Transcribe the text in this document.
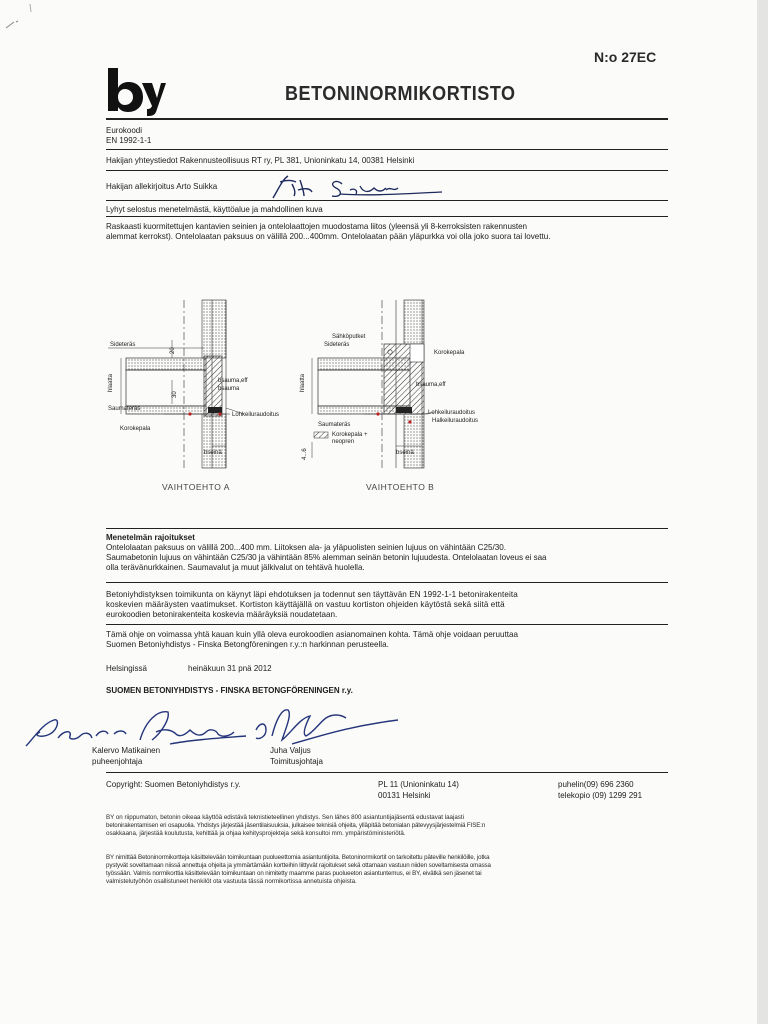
N:o 27EC
BETONINORMIKORTISTO
Eurokoodi
EN 1992-1-1
Hakijan yhteystiedot Rakennusteollisuus RT ry, PL 381, Unioninkatu 14, 00381 Helsinki
Hakijan allekirjoitus Arto Suikka
Lyhyt selostus menetelmästä, käyttöalue ja mahdollinen kuva
Raskaasti kuormitettujen kantavien seinien ja ontelolaattojen muodostama liitos (yleensä yli 8-kerroksisten rakennusten
alemmat kerrokst). Ontelolaatan paksuus on välillä 200...400mm. Ontelolaatan pään yläpurkka voi olla joko suora tai lovettu.
Sideteräs
Saumateräs
Korokepala
Lohkeiluraudoitus
bsauma,eff
bsauma
bseinä
hlaatta
20
30
VAIHTOEHTO A
Sähköputket
Sideteräs
Korokepala
Saumateräs
Korokepala +
neopren
Lohkeiluraudoitus
Halkeiluraudoitus
bsauma,eff
bseinä
hlaatta
4...6
VAIHTOEHTO B
Menetelmän rajoitukset
Ontelolaatan paksuus on välillä 200...400 mm. Liitoksen ala- ja yläpuolisten seinien lujuus on vähintään C25/30.
Saumabetonin lujuus on vähintään C25/30 ja vähintään 85% alemman seinän betonin lujuudesta. Ontelolaatan loveus ei saa
olla terävänurkkainen. Saumavalut ja muut jälkivalut on tehtävä huolella.
Betoniyhdistyksen toimikunta on käynyt läpi ehdotuksen ja todennut sen täyttävän EN 1992-1-1 betonirakenteita
koskevien määräysten vaatimukset. Kortiston käyttäjällä on vastuu kortiston ohjeiden käytöstä sekä siitä että
eurokoodien betonirakenteita koskevia määräyksiä noudatetaan.
Tämä ohje on voimassa yhtä kauan kuin yllä oleva eurokoodien asianomainen kohta. Tämä ohje voidaan peruuttaa
Suomen Betoniyhdistys - Finska Betongföreningen r.y.:n harkinnan perusteella.
Helsingissä	heinäkuun 31 pnä 2012
SUOMEN BETONIYHDISTYS - FINSKA BETONGFÖRENINGEN r.y.
Kalervo Matikainen
puheenjohtaja
Juha Valjus
Toimitusjohtaja
Copyright: Suomen Betoniyhdistys r.y.	PL 11 (Unioninkatu 14)
00131 Helsinki
puhelin(09) 696 2360
telekopio (09) 1299 291
BY on riippumaton, betonin oikeaa käyttöä edistävä teknistieteellinen yhdistys. Sen lähes 800 asiantuntijajäsentä edustavat laajasti
betonirakentamisen eri osapuolia. Yhdistys järjestää jäsentilaisuuksia, julkaisee teknisiä ohjeita, ylläpitää betonialan pätevyysjärjestelmiä FISE:n
osakkaana, järjestää koulutusta, kehittää ja ohjaa kehitysprojekteja sekä konsultoi mm. ympäristöministeriötä.
BY nimittää Betoninormikortteja käsittelevään toimikuntaan puolueettomia asiantuntijoita. Betoninormikortit on tarkoitettu päteville henkilöille, jotka
pystyvät soveltamaan niissä annettuja ohjeita ja ymmärtämään kortteihin liittyvät rajoitukset sekä ottamaan vastuun niiden soveltamisesta omassa
työssään. Valmis normikorttia käsittelevään toimikuntaan on nimitetty maamme paras puolueeton asiantuntemus, ei BY, eivätkä sen jäsenet tai
valmistelutyöhön osallistuneet henkilöt ota vastuuta tässä normikortissa annetuista ohjeista.
